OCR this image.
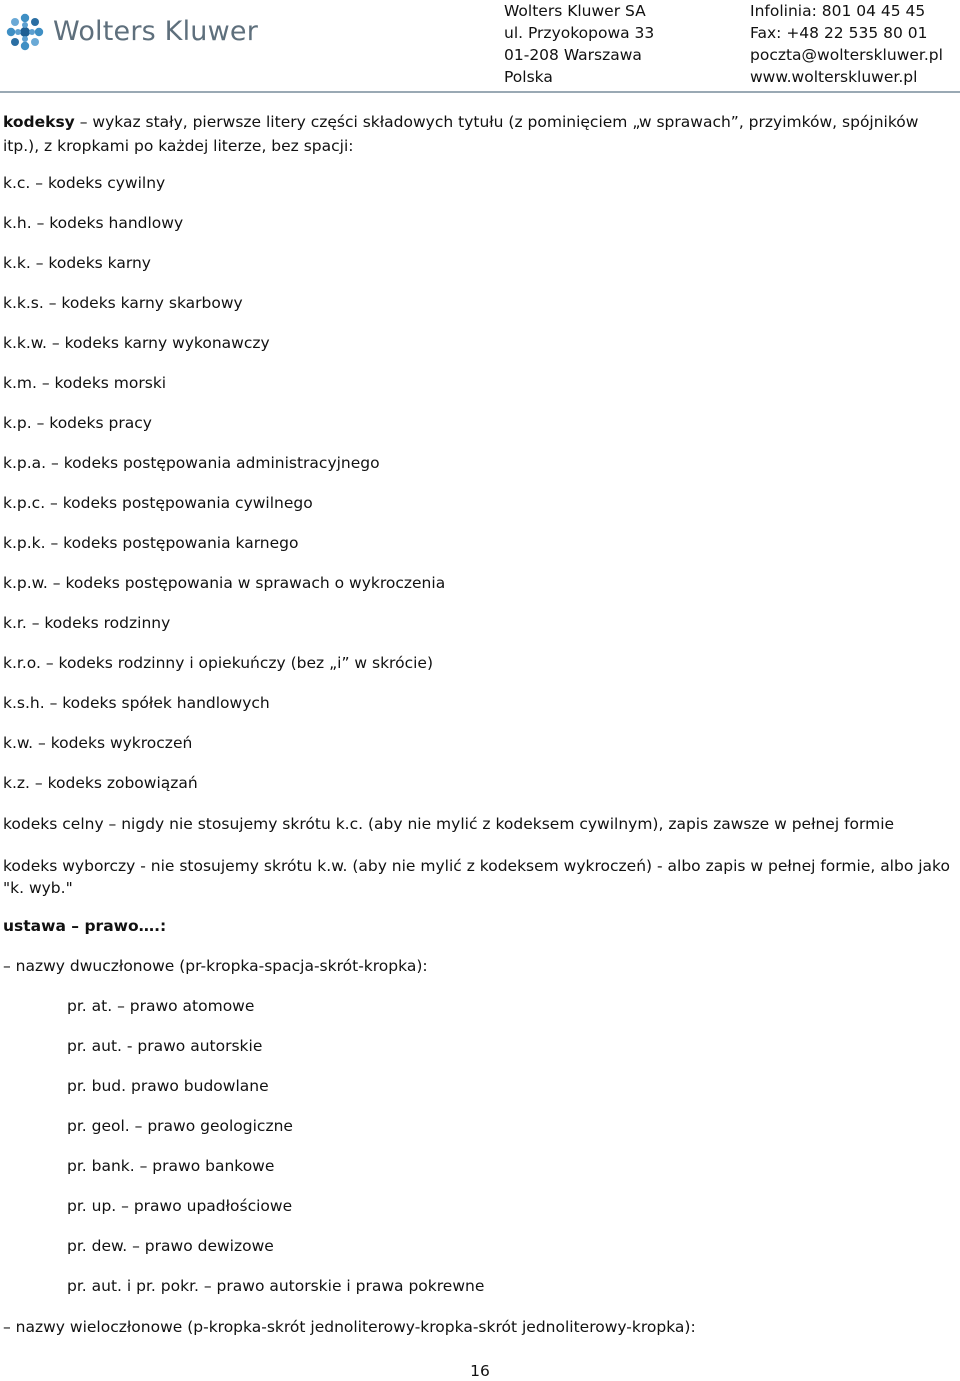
Wolters Kluwer
Wolters Kluwer SA
ul. Przyokopowa 33
01-208 Warszawa
Polska
Infolinia: 801 04 45 45
Fax: +48 22 535 80 01
poczta@wolterskluwer.pl
www.wolterskluwer.pl
kodeksy – wykaz stały, pierwsze litery części składowych tytułu (z pominięciem „w sprawach”, przyimków, spójników itp.), z kropkami po każdej literze, bez spacji:
k.c. – kodeks cywilny
k.h. – kodeks handlowy
k.k. – kodeks karny
k.k.s. – kodeks karny skarbowy
k.k.w. – kodeks karny wykonawczy
k.m. – kodeks morski
k.p. – kodeks pracy
k.p.a. – kodeks postępowania administracyjnego
k.p.c. – kodeks postępowania cywilnego
k.p.k. – kodeks postępowania karnego
k.p.w. – kodeks postępowania w sprawach o wykroczenia
k.r. – kodeks rodzinny
k.r.o. – kodeks rodzinny i opiekuńczy (bez „i” w skrócie)
k.s.h. – kodeks spółek handlowych
k.w. – kodeks wykroczeń
k.z. – kodeks zobowiązań
kodeks celny – nigdy nie stosujemy skrótu k.c. (aby nie mylić z kodeksem cywilnym), zapis zawsze w pełnej formie
kodeks wyborczy - nie stosujemy skrótu k.w. (aby nie mylić z kodeksem wykroczeń) - albo zapis w pełnej formie, albo jako "k. wyb."
ustawa – prawo….:
– nazwy dwuczłonowe (pr-kropka-spacja-skrót-kropka):
pr. at. – prawo atomowe
pr. aut. - prawo autorskie
pr. bud. prawo budowlane
pr. geol. – prawo geologiczne
pr. bank. – prawo bankowe
pr. up. – prawo upadłościowe
pr. dew. – prawo dewizowe
pr. aut. i pr. pokr. – prawo autorskie i prawa pokrewne
– nazwy wieloczłonowe (p-kropka-skrót jednoliterowy-kropka-skrót jednoliterowy-kropka):
16
